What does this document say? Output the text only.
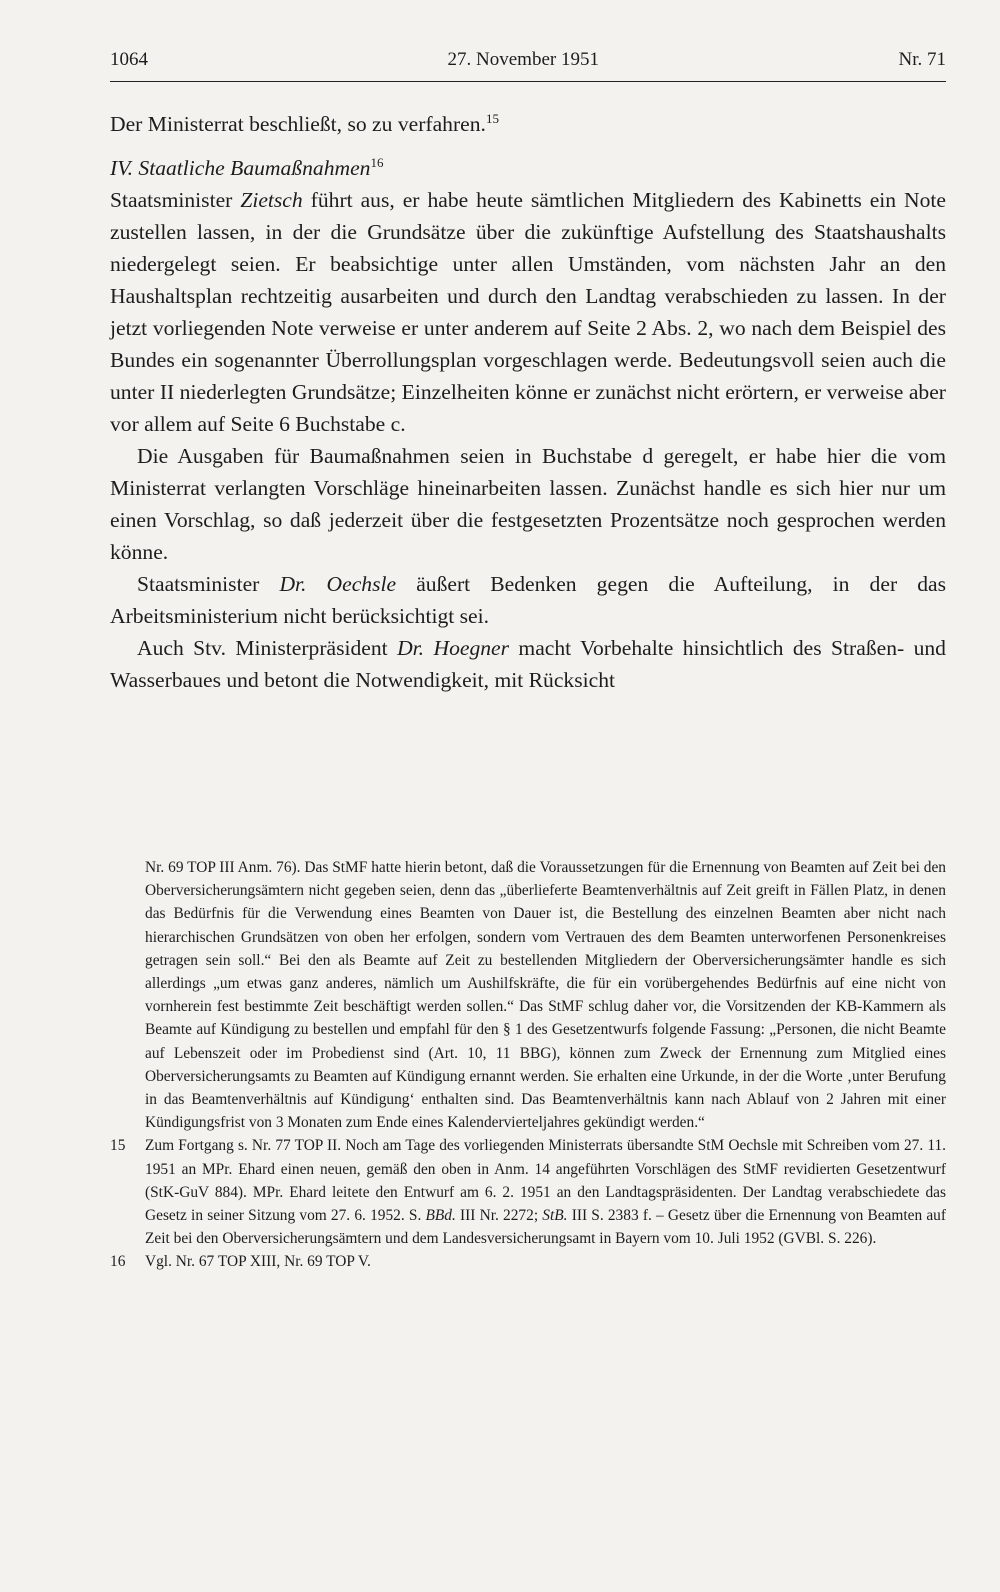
1064	27. November 1951	Nr. 71

Der Ministerrat beschließt, so zu verfahren.$^{15}$

IV. Staatliche Baumaßnahmen$^{16}$

Staatsminister Zietsch führt aus, er habe heute sämtlichen Mitgliedern des Kabinetts ein Note zustellen lassen, in der die Grundsätze über die zukünftige Aufstellung des Staatshaushalts niedergelegt seien. Er beabsichtige unter allen Umständen, vom nächsten Jahr an den Haushaltsplan rechtzeitig ausarbeiten und durch den Landtag verabschieden zu lassen. In der jetzt vorliegenden Note verweise er unter anderem auf Seite 2 Abs. 2, wo nach dem Beispiel des Bundes ein sogenannter Überrollungsplan vorgeschlagen werde. Bedeutungsvoll seien auch die unter II niederlegten Grundsätze; Einzelheiten könne er zunächst nicht erörtern, er verweise aber vor allem auf Seite 6 Buchstabe c.

Die Ausgaben für Baumaßnahmen seien in Buchstabe d geregelt, er habe hier die vom Ministerrat verlangten Vorschläge hineinarbeiten lassen. Zunächst handle es sich hier nur um einen Vorschlag, so daß jederzeit über die festgesetzten Prozentsätze noch gesprochen werden könne.

Staatsminister Dr. Oechsle äußert Bedenken gegen die Aufteilung, in der das Arbeitsministerium nicht berücksichtigt sei.

Auch Stv. Ministerpräsident Dr. Hoegner macht Vorbehalte hinsichtlich des Straßen- und Wasserbaues und betont die Notwendigkeit, mit Rücksicht

Nr. 69 TOP III Anm. 76). Das StMF hatte hierin betont, daß die Voraussetzungen für die Ernennung von Beamten auf Zeit bei den Oberversicherungsämtern nicht gegeben seien, denn das „überlieferte Beamtenverhältnis auf Zeit greift in Fällen Platz, in denen das Bedürfnis für die Verwendung eines Beamten von Dauer ist, die Bestellung des einzelnen Beamten aber nicht nach hierarchischen Grundsätzen von oben her erfolgen, sondern vom Vertrauen des dem Beamten unterworfenen Personenkreises getragen sein soll.“ Bei den als Beamte auf Zeit zu bestellenden Mitgliedern der Oberversicherungsämter handle es sich allerdings „um etwas ganz anderes, nämlich um Aushilfskräfte, die für ein vorübergehendes Bedürfnis auf eine nicht von vornherein fest bestimmte Zeit beschäftigt werden sollen.“ Das StMF schlug daher vor, die Vorsitzenden der KB-Kammern als Beamte auf Kündigung zu bestellen und empfahl für den § 1 des Gesetzentwurfs folgende Fassung: „Personen, die nicht Beamte auf Lebenszeit oder im Probedienst sind (Art. 10, 11 BBG), können zum Zweck der Ernennung zum Mitglied eines Oberversicherungsamts zu Beamten auf Kündigung ernannt werden. Sie erhalten eine Urkunde, in der die Worte ‚unter Berufung in das Beamtenverhältnis auf Kündigung‘ enthalten sind. Das Beamtenverhältnis kann nach Ablauf von 2 Jahren mit einer Kündigungsfrist von 3 Monaten zum Ende eines Kalendervierteljahres gekündigt werden.“

15 Zum Fortgang s. Nr. 77 TOP II. Noch am Tage des vorliegenden Ministerrats übersandte StM Oechsle mit Schreiben vom 27. 11. 1951 an MPr. Ehard einen neuen, gemäß den oben in Anm. 14 angeführten Vorschlägen des StMF revidierten Gesetzentwurf (StK-GuV 884). MPr. Ehard leitete den Entwurf am 6. 2. 1951 an den Landtagspräsidenten. Der Landtag verabschiedete das Gesetz in seiner Sitzung vom 27. 6. 1952. S. BBd. III Nr. 2272; StB. III S. 2383 f. – Gesetz über die Ernennung von Beamten auf Zeit bei den Oberversicherungsämtern und dem Landesversicherungsamt in Bayern vom 10. Juli 1952 (GVBl. S. 226).

16 Vgl. Nr. 67 TOP XIII, Nr. 69 TOP V.
